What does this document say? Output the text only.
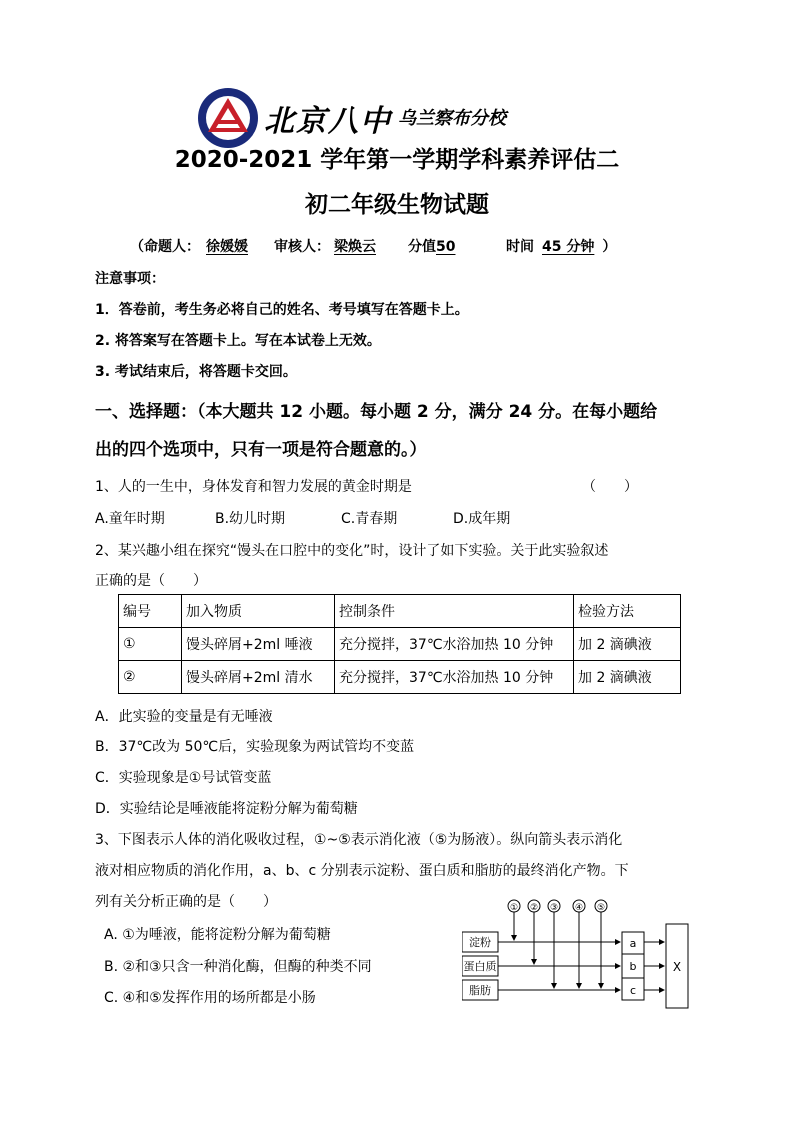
北京八中 乌兰察布分校
2020-2021 学年第一学期学科素养评估二
初二年级生物试题
（命题人： 徐媛媛 审核人： 梁焕云 分值50	时间 45 分钟 ）
注意事项：
1．答卷前，考生务必将自己的姓名、考号填写在答题卡上。
2. 将答案写在答题卡上。写在本试卷上无效。
3. 考试结束后，将答题卡交回。
一、选择题：（本大题共 12 小题。每小题 2 分，满分 24 分。在每小题给
出的四个选项中，只有一项是符合题意的。）
1、人的一生中，身体发育和智力发展的黄金时期是	（　　）
A.童年时期	B.幼儿时期	C.青春期	D.成年期
2、某兴趣小组在探究“馒头在口腔中的变化”时，设计了如下实验。关于此实验叙述
正确的是（　　）
编号	加入物质	控制条件	检验方法
①	馒头碎屑+2ml 唾液	充分搅拌，37℃水浴加热 10 分钟	加 2 滴碘液
②	馒头碎屑+2ml 清水	充分搅拌，37℃水浴加热 10 分钟	加 2 滴碘液
A．此实验的变量是有无唾液
B．37℃改为 50℃后，实验现象为两试管均不变蓝
C．实验现象是①号试管变蓝
D．实验结论是唾液能将淀粉分解为葡萄糖
3、下图表示人体的消化吸收过程，①~⑤表示消化液（⑤为肠液）。纵向箭头表示消化
液对相应物质的消化作用，a、b、c 分别表示淀粉、蛋白质和脂肪的最终消化产物。下
列有关分析正确的是（　　）
A. ①为唾液，能将淀粉分解为葡萄糖
B. ②和③只含一种消化酶，但酶的种类不同
C. ④和⑤发挥作用的场所都是小肠
① ② ③ ④ ⑤
淀粉
蛋白质
脂肪
a
b
c
X
